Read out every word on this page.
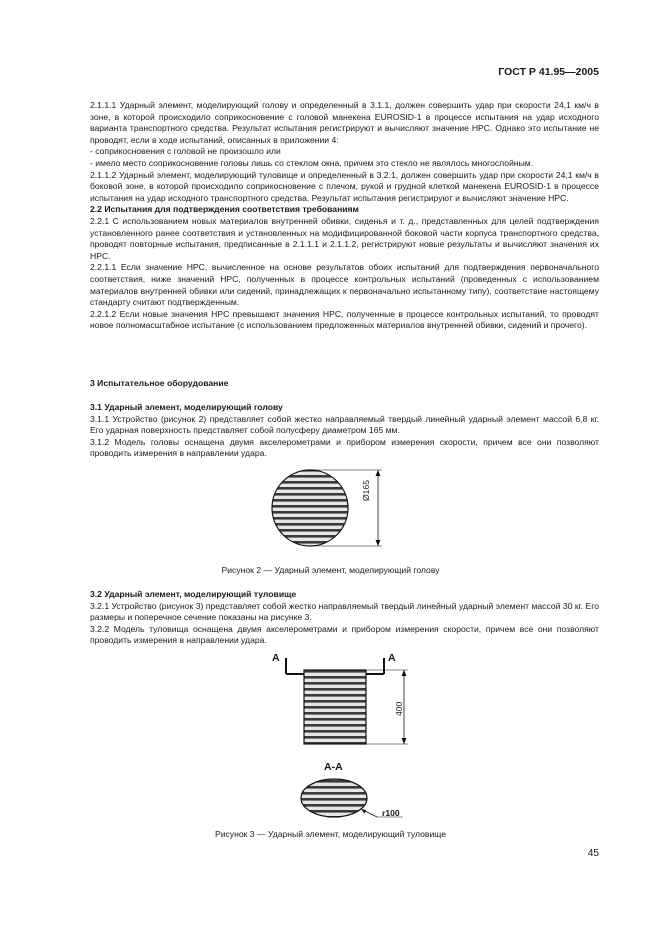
ГОСТ Р 41.95—2005

2.1.1.1 Ударный элемент, моделирующий голову и определенный в 3.1.1, должен совершить удар при скорости 24,1 км/ч в зоне, в которой происходило соприкосновение с головой манекена EUROSID-1 в процессе испытания на удар исходного варианта транспортного средства. Результат испытания регистрируют и вычисляют значение HPC. Однако это испытание не проводят, если в ходе испытаний, описанных в приложении 4:

- соприкосновения с головой не произошло или

- имело место соприкосновение головы лишь со стеклом окна, причем это стекло не являлось многослойным.

2.1.1.2 Ударный элемент, моделирующий туловище и определенный в 3.2.1, должен совершить удар при скорости 24,1 км/ч в боковой зоне, в которой происходило соприкосновение с плечом, рукой и грудной клеткой манекена EUROSID-1 в процессе испытания на удар исходного транспортного средства. Результат испытания регистрируют и вычисляют значение HPC.

2.2 Испытания для подтверждения соответствия требованиям

2.2.1 С использованием новых материалов внутренней обивки, сиденья и т. д., представленных для целей подтверждения установленного ранее соответствия и установленных на модифицированной боковой части корпуса транспортного средства, проводят повторные испытания, предписанные в 2.1.1.1 и 2.1.1.2, регистрируют новые результаты и вычисляют значения их HPC.

2.2.1.1 Если значение HPC, вычисленное на основе результатов обоих испытаний для подтверждения первоначального соответствия, ниже значений HPC, полученных в процессе контрольных испытаний (проведенных с использованием материалов внутренней обивки или сидений, принадлежащих к первоначально испытанному типу), соответствие настоящему стандарту считают подтвержденным.

2.2.1.2 Если новые значения HPC превышают значения HPC, полученные в процессе контрольных испытаний, то проводят новое полномасштабное испытание (с использованием предложенных материалов внутренней обивки, сидений и прочего).

3 Испытательное оборудование

3.1 Ударный элемент, моделирующий голову

3.1.1 Устройство (рисунок 2) представляет собой жестко направляемый твердый линейный ударный элемент массой 6,8 кг. Его ударная поверхность представляет собой полусферу диаметром 165 мм.

3.1.2 Модель головы оснащена двумя акселерометрами и прибором измерения скорости, причем все они позволяют проводить измерения в направлении удара.

Ø165
Рисунок 2 — Ударный элемент, моделирующий голову

3.2 Ударный элемент, моделирующий туловище

3.2.1 Устройство (рисунок 3) представляет собой жестко направляемый твердый линейный ударный элемент массой 30 кг. Его размеры и поперечное сечение показаны на рисунке 3.

3.2.2 Модель туловища оснащена двумя акселерометрами и прибором измерения скорости, причем все они позволяют проводить измерения в направлении удара.

A	A
400
А-А
r100
Рисунок 3 — Ударный элемент, моделирующий туловище
45
